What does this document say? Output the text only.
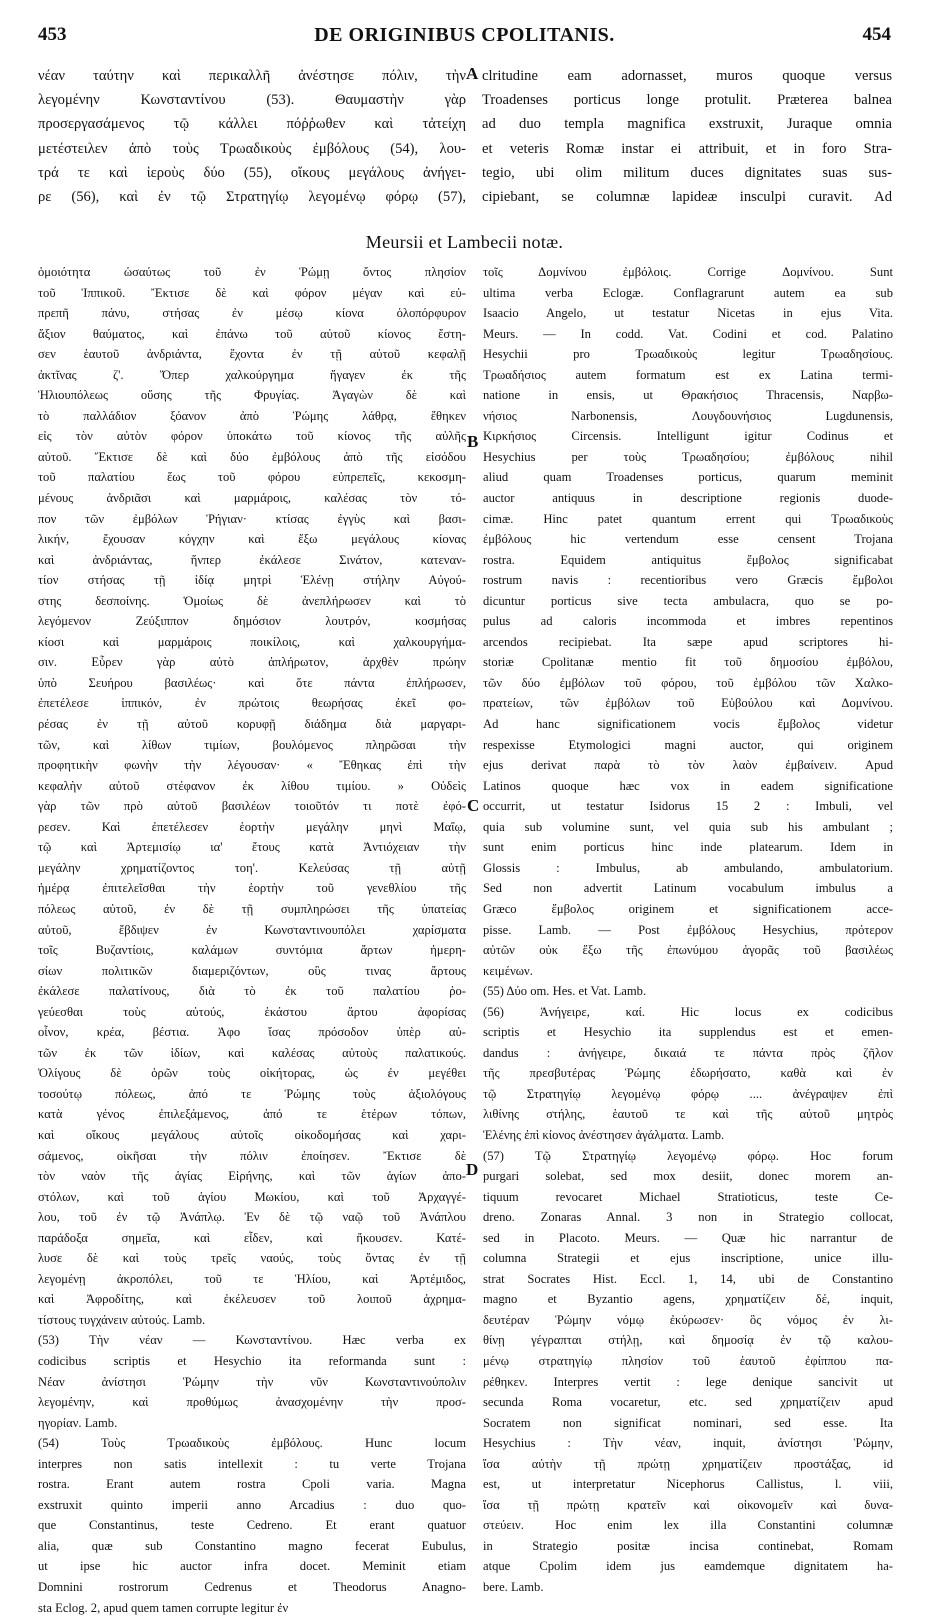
453	DE ORIGINIBUS CPOLITANIS.	454
νέαν ταύτην καὶ περικαλλῆ ἀνέστησε πόλιν, τὴν
λεγομένην Κωνσταντίνου (53). Θαυμαστὴν γὰρ
προσεργασάμενος τῷ κάλλει πόῤῥωθεν καὶ τἀτείχη
μετέστειλεν ἀπὸ τοὺς Τρωαδικοὺς ἐμβόλους (54), λου-
τρά τε καὶ ἱεροὺς δύο (55), οἴκους μεγάλους ἀνήγει-
ρε (56), καὶ ἐν τῷ Στρατηγίῳ λεγομένῳ φόρῳ (57),
clritudine eam adornasset, muros quoque versus
Troadenses porticus longe protulit. Præterea balnea
ad duo templa magnifica exstruxit, Juraque omnia
et veteris Romæ instar ei attribuit, et in foro Stra-
tegio, ubi olim militum duces dignitates suas sus-
cipiebant, se columnæ lapideæ insculpi curavit. Ad
A
B
C
D
Meursii et Lambecii notæ.
ὁμοιότητα ὡσαύτως τοῦ ἐν Ῥώμῃ ὄντος πλησίον
τοῦ Ἱππικοῦ. Ἔκτισε δὲ καὶ φόρον μέγαν καὶ εὐ-
πρεπῆ πάνυ, στήσας ἐν μέσῳ κίονα ὁλοπόρφυρον
ἄξιον θαύματος, καὶ ἐπάνω τοῦ αὐτοῦ κίονος ἔστη-
σεν ἑαυτοῦ ἀνδριάντα, ἔχοντα ἐν τῇ αὐτοῦ κεφαλῇ
ἀκτῖνας ζ'. Ὅπερ χαλκούργημα ἤγαγεν ἐκ τῆς
Ἡλιουπόλεως οὔσης τῆς Φρυγίας. Ἀγαγὼν δὲ καὶ
τὸ παλλάδιον ξόανον ἀπὸ Ῥώμης λάθρᾳ, ἔθηκεν
εἰς τὸν αὐτὸν φόρον ὑποκάτω τοῦ κίονος τῆς αὐλῆς
αὐτοῦ. Ἔκτισε δὲ καὶ δύο ἐμβόλους ἀπὸ τῆς εἰσόδου
τοῦ παλατίου ἕως τοῦ φόρου εὐπρεπεῖς, κεκοσμη-
μένους ἀνδριᾶσι καὶ μαρμάροις, καλέσας τὸν τό-
πον τῶν ἐμβόλων Ῥήγιαν· κτίσας ἐγγὺς καὶ βασι-
λικήν, ἔχουσαν κόγχην καὶ ἔξω μεγάλους κίονας
καὶ ἀνδριάντας, ἥνπερ ἐκάλεσε Σινάτον, κατεναν-
τίον στήσας τῇ ἰδίᾳ μητρὶ Ἑλένῃ στήλην Αὐγού-
στης δεσποίνης. Ὁμοίως δὲ ἀνεπλήρωσεν καὶ τὸ
λεγόμενον Ζεύξιππον δημόσιον λουτρόν, κοσμήσας
κίοσι καὶ μαρμάροις ποικίλοις, καὶ χαλκουργήμα-
σιν. Εὗρεν γὰρ αὐτὸ ἀπλήρωτον, ἀρχθὲν πρώην
ὑπὸ Σευήρου βασιλέως· καὶ ὅτε πάντα ἐπλήρωσεν,
ἐπετέλεσε ἱππικόν, ἐν πρώτοις θεωρήσας ἐκεῖ φο-
ρέσας ἐν τῇ αὐτοῦ κορυφῇ διάδημα διὰ μαργαρι-
τῶν, καὶ λίθων τιμίων, βουλόμενος πληρῶσαι τὴν
προφητικὴν φωνὴν τὴν λέγουσαν· « Ἔθηκας ἐπὶ τὴν
κεφαλὴν αὐτοῦ στέφανον ἐκ λίθου τιμίου. » Οὐδεὶς
γὰρ τῶν πρὸ αὐτοῦ βασιλέων τοιοῦτόν τι ποτὲ ἐφό-
ρεσεν. Καὶ ἐπετέλεσεν ἑορτὴν μεγάλην μηνὶ Μαΐῳ,
τῷ καὶ Ἀρτεμισίῳ ια' ἔτους κατὰ Ἀντιόχειαν τὴν
μεγάλην χρηματίζοντος τοη'. Κελεύσας τῇ αὐτῇ
ἡμέρᾳ ἐπιτελεῖσθαι τὴν ἑορτὴν τοῦ γενεθλίου τῆς
πόλεως αὐτοῦ, ἐν δὲ τῇ συμπληρώσει τῆς ὑπατείας
αὐτοῦ, ἔβδιψεν ἐν Κωνσταντινουπόλει χαρίσματα
τοῖς Βυζαντίοις, καλάμων συντόμια ἄρτων ἡμερη-
σίων πολιτικῶν διαμεριζόντων, οὓς τινας ἄρτους
ἐκάλεσε παλατίνους, διὰ τὸ ἐκ τοῦ παλατίου ῥο-
γεύεσθαι τοὺς αὐτούς, ἑκάστου ἄρτου ἀφορίσας
οἶνον, κρέα, βέστια. Ἀφο ἴσας πρόσοδον ὑπὲρ αὐ-
τῶν ἐκ τῶν ἰδίων, καὶ καλέσας αὐτοὺς παλατικούς.
Ὀλίγους δὲ ὁρῶν τοὺς οἰκήτορας, ὡς ἐν μεγέθει
τοσούτῳ πόλεως, ἀπό τε Ῥώμης τοὺς ἀξιολόγους
κατὰ γένος ἐπιλεξάμενος, ἀπό τε ἑτέρων τόπων,
καὶ οἴκους μεγάλους αὐτοῖς οἰκοδομήσας καὶ χαρι-
σάμενος, οἰκῆσαι τὴν πόλιν ἐποίησεν. Ἔκτισε δὲ
τὸν ναὸν τῆς ἁγίας Εἰρήνης, καὶ τῶν ἁγίων ἀπο-
στόλων, καὶ τοῦ ἁγίου Μωκίου, καὶ τοῦ Ἀρχαγγέ-
λου, τοῦ ἐν τῷ Ἀνάπλῳ. Ἐν δὲ τῷ ναῷ τοῦ Ἀνάπλου
παράδοξα σημεῖα, καὶ εἶδεν, καὶ ἤκουσεν. Κατέ-
λυσε δὲ καὶ τοὺς τρεῖς ναούς, τοὺς ὄντας ἐν τῇ
λεγομένῃ ἀκροπόλει, τοῦ τε Ἡλίου, καὶ Ἀρτέμιδος,
καὶ Ἀφροδίτης, καὶ ἐκέλευσεν τοῦ λοιποῦ ἀχρημα-
τίστους τυγχάνειν αὐτούς. Lamb.
(53) Τὴν νέαν — Κωνσταντίνου. Hæc verba ex
codicibus scriptis et Hesychio ita reformanda sunt :
Νέαν ἀνίστησι Ῥώμην τὴν νῦν Κωνσταντινούπολιν
λεγομένην, καὶ προθύμως ἀνασχομένην τὴν προσ-
ηγορίαν. Lamb.
(54) Τοὺς Τρωαδικοὺς ἐμβόλους. Hunc locum
interpres non satis intellexit : tu verte Trojana
rostra. Erant autem rostra Cpoli varia. Magna
exstruxit quinto imperii anno Arcadius : duo quo-
que Constantinus, teste Cedreno. Et erant quatuor
alia, quæ sub Constantino magno fecerat Eubulus,
ut ipse hic auctor infra docet. Meminit etiam
Domnini rostrorum Cedrenus et Theodorus Anagno-
sta Eclog. 2, apud quem tamen corrupte legitur ἐν
τοῖς Δομνίνου ἐμβόλοις. Corrige Δομνίνου. Sunt
ultima verba Eclogæ. Conflagrarunt autem ea sub
Isaacio Angelo, ut testatur Nicetas in ejus Vita.
Meurs. — In codd. Vat. Codini et cod. Palatino
Hesychii pro Τρωαδικοὺς legitur Τρωαδησίους.
Τρωαδήσιος autem formatum est ex Latina termi-
natione in ensis, ut Θρακήσιος Thracensis, Ναρβω-
νήσιος Narbonensis, Λουγδουνήσιος Lugdunensis,
Κιρκήσιος Circensis. Intelligunt igitur Codinus et
Hesychius per τοὺς Τρωαδησίου; ἐμβόλους nihil
aliud quam Troadenses porticus, quarum meminit
auctor antiquus in descriptione regionis duode-
cimæ. Hinc patet quantum errent qui Τρωαδικοὺς
ἐμβόλους hic vertendum esse censent Trojana
rostra. Equidem antiquitus ἔμβολος significabat
rostrum navis : recentioribus vero Græcis ἔμβολοι
dicuntur porticus sive tecta ambulacra, quo se po-
pulus ad caloris incommoda et imbres repentinos
arcendos recipiebat. Ita sæpe apud scriptores hi-
storiæ Cpolitanæ mentio fit τοῦ δημοσίου ἐμβόλου,
τῶν δύο ἐμβόλων τοῦ φόρου, τοῦ ἐμβόλου τῶν Χαλκο-
πρατείων, τῶν ἐμβόλων τοῦ Εὐβούλου καὶ Δομνίνου.
Ad hanc significationem vocis ἔμβολος videtur
respexisse Etymologici magni auctor, qui originem
ejus derivat παρὰ τὸ τὸν λαὸν ἐμβαίνειν. Apud
Latinos quoque hæc vox in eadem significatione
occurrit, ut testatur Isidorus 15 2 : Imbuli, vel
quia sub volumine sunt, vel quia sub his ambulant ;
sunt enim porticus hinc inde platearum. Idem in
Glossis : Imbulus, ab ambulando, ambulatorium.
Sed non advertit Latinum vocabulum imbulus a
Græco ἔμβολος originem et significationem acce-
pisse. Lamb. — Post ἐμβόλους Hesychius, πρότερον
αὐτῶν οὐκ ἔξω τῆς ἐπωνύμου ἀγορᾶς τοῦ βασιλέως
κειμένων.
(55) Δύο om. Hes. et Vat. Lamb.
(56) Ἀνήγειρε, καί. Hic locus ex codicibus
scriptis et Hesychio ita supplendus est et emen-
dandus : ἀνήγειρε, δικαιά τε πάντα πρὸς ζῆλον
τῆς πρεσβυτέρας Ῥώμης ἐδωρήσατο, καθὰ καὶ ἐν
τῷ Στρατηγίῳ λεγομένῳ φόρῳ .... ἀνέγραψεν ἐπὶ
λιθίνης στήλης, ἑαυτοῦ τε καὶ τῆς αὐτοῦ μητρὸς
Ἑλένης ἐπὶ κίονος ἀνέστησεν ἀγάλματα. Lamb.
(57) Τῷ Στρατηγίῳ λεγομένῳ φόρῳ. Hoc forum
purgari solebat, sed mox desiit, donec morem an-
tiquum revocaret Michael Stratioticus, teste Ce-
dreno. Zonaras Annal. 3 non in Strategio collocat,
sed in Placoto. Meurs. — Quæ hic narrantur de
columna Strategii et ejus inscriptione, unice illu-
strat Socrates Hist. Eccl. 1, 14, ubi de Constantino
magno et Byzantio agens, χρηματίζειν δέ, inquit,
δευτέραν Ῥώμην νόμῳ ἐκύρωσεν· ὃς νόμος ἐν λι-
θίνῃ γέγραπται στήλῃ, καὶ δημοσίᾳ ἐν τῷ καλου-
μένῳ στρατηγίῳ πλησίον τοῦ ἑαυτοῦ ἐφίππου πα-
ρέθηκεν. Interpres vertit : lege denique sancivit ut
secunda Roma vocaretur, etc. sed χρηματίζειν apud
Socratem non significat nominari, sed esse. Ita
Hesychius : Τὴν νέαν, inquit, ἀνίστησι Ῥώμην,
ἴσα αὐτὴν τῇ πρώτῃ χρηματίζειν προστάξας, id
est, ut interpretatur Nicephorus Callistus, l. viii,
ἴσα τῇ πρώτῃ κρατεῖν καὶ οἰκονομεῖν καὶ δυνα-
στεύειν. Hoc enim lex illa Constantini columnæ
in Strategio positæ incisa continebat, Romam
atque Cpolim idem jus eamdemque dignitatem ha-
bere. Lamb.
